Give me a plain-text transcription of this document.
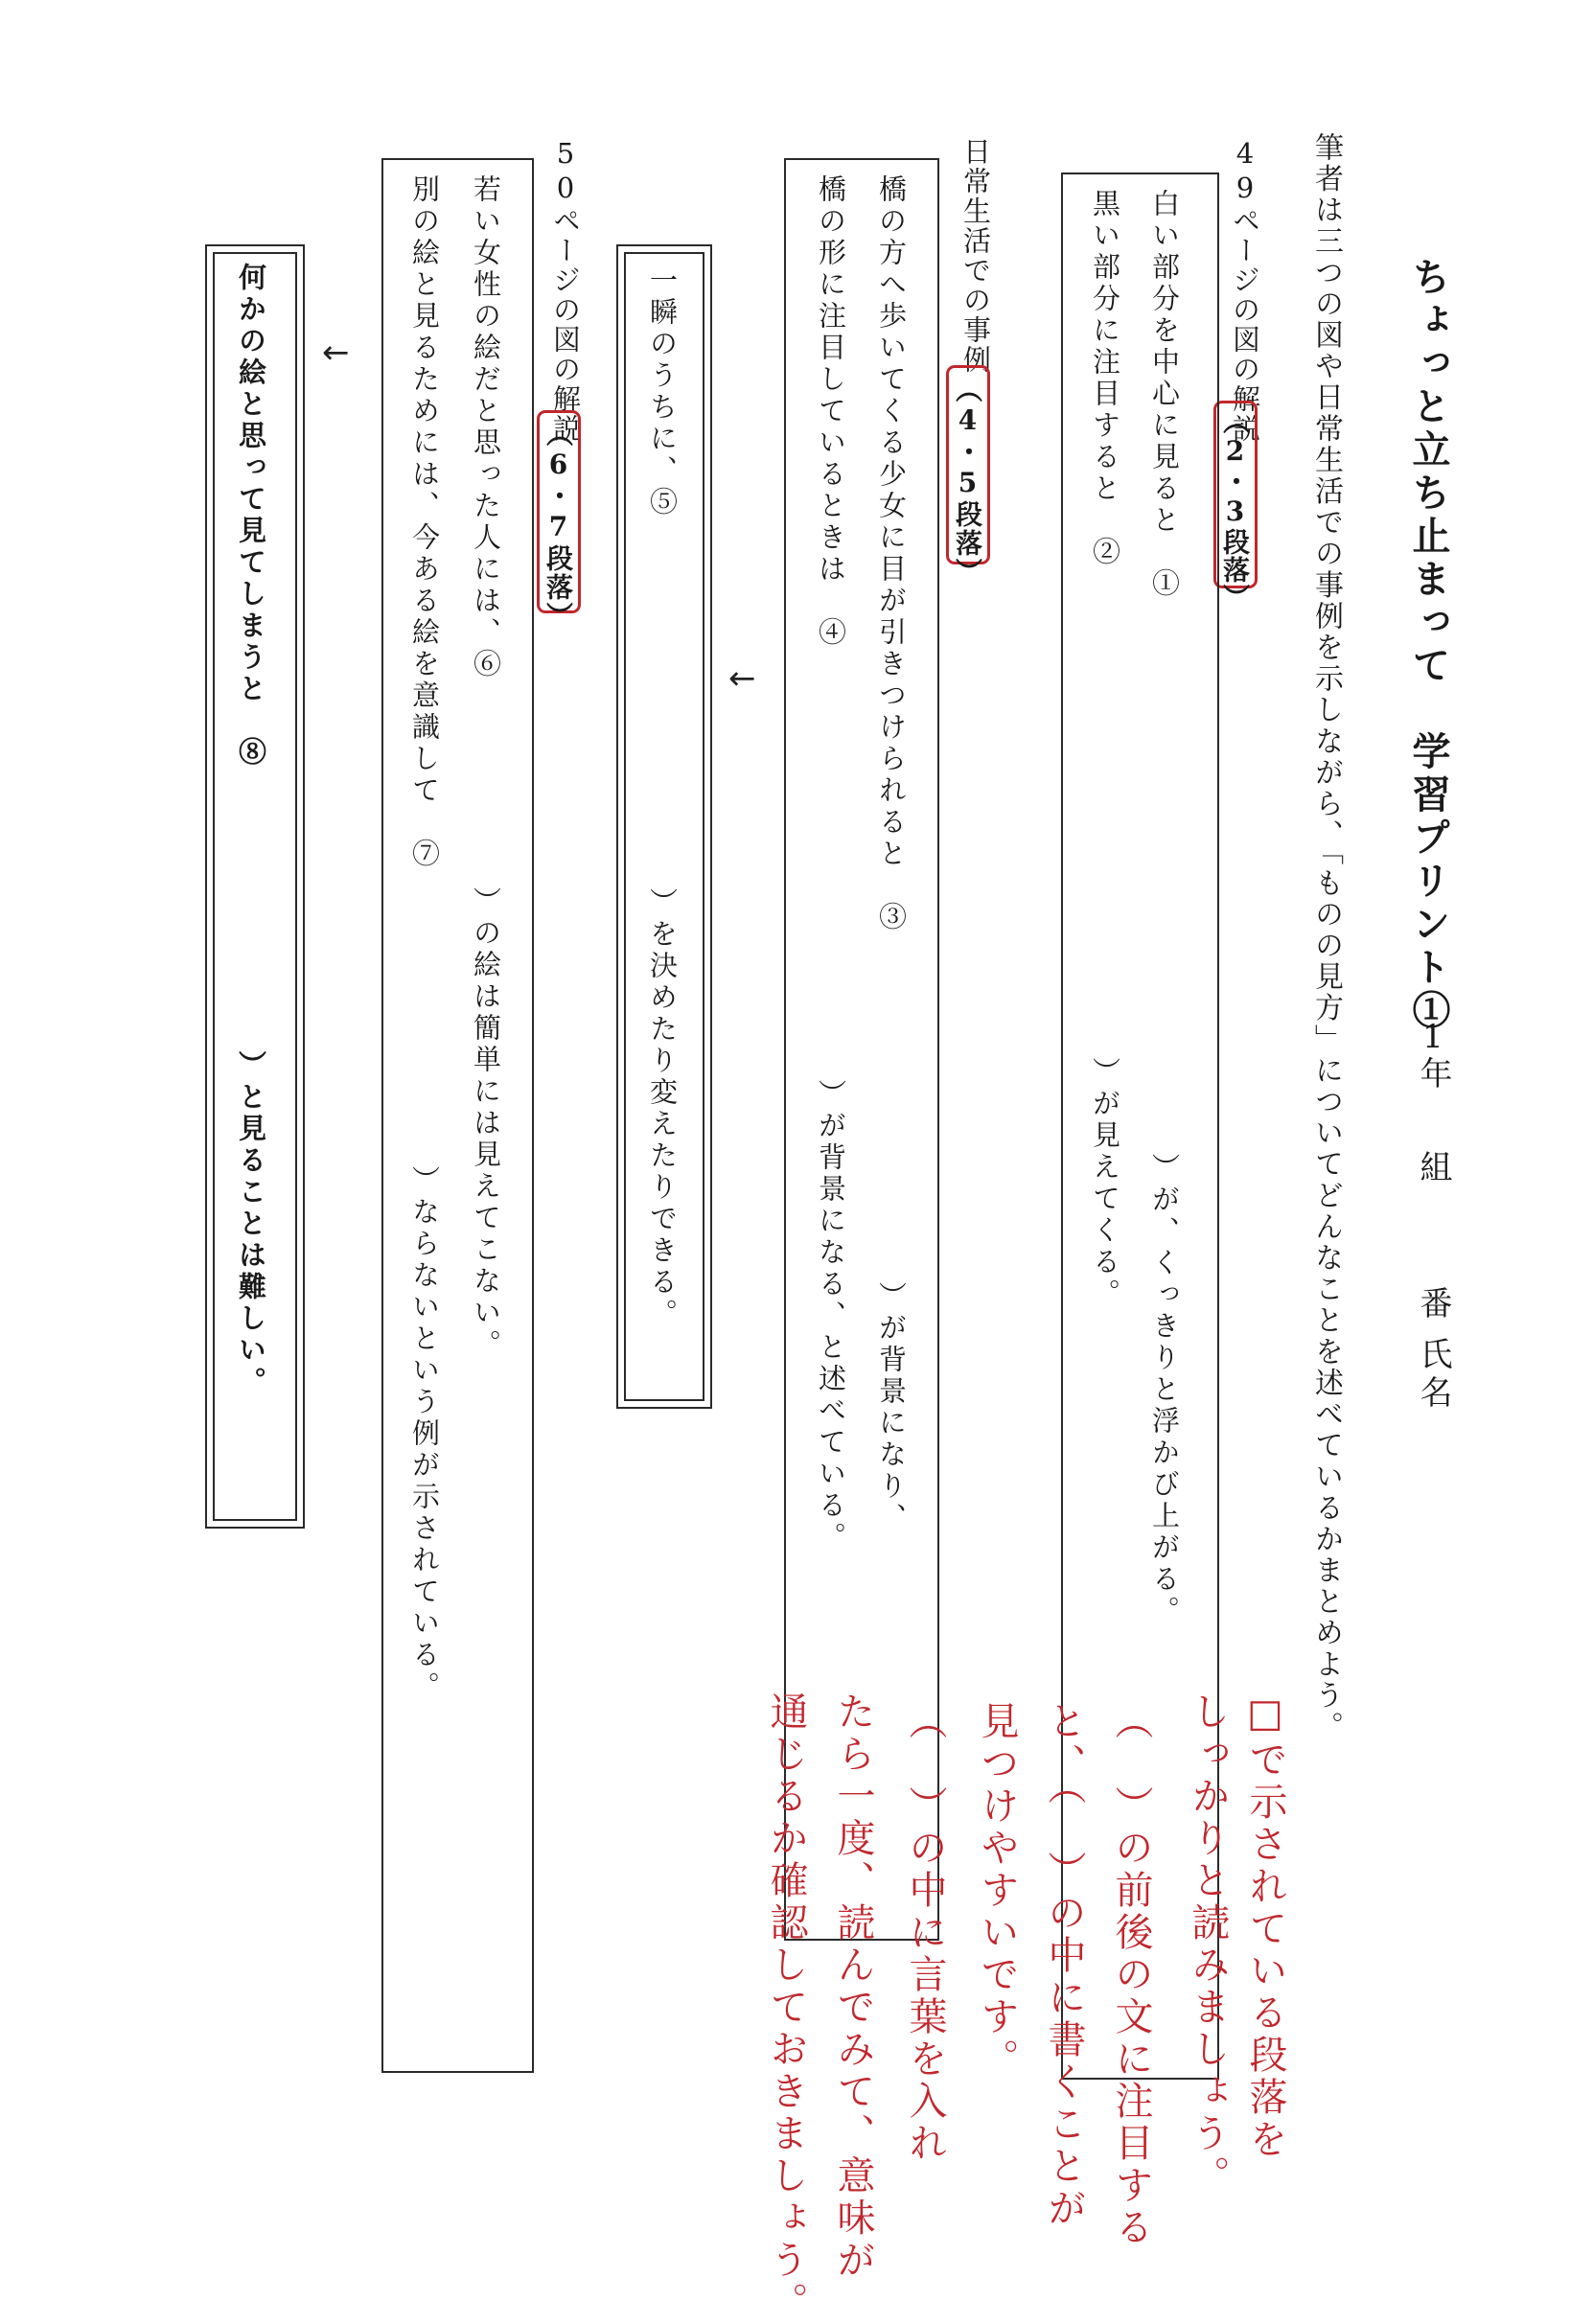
ちょっと立ち止まって　学習プリント①
1年
組
番
氏名
筆者は三つの図や日常生活での事例を示しながら、「ものの見方」についてどんなことを述べているかまとめよう。
49ページの図の解説
（2・3段落）
白い部分を中心に見ると　①
）が、くっきりと浮かび上がる。
黒い部分に注目すると　②
）が見えてくる。
日常生活での事例
（4・5段落）
橋の方へ歩いてくる少女に目が引きつけられると　③
）が背景になり、
橋の形に注目しているときは　④
）が背景になる、と述べている。
←
一瞬のうちに、⑤
）を決めたり変えたりできる。
50ページの図の解説
（6・7段落）
若い女性の絵だと思った人には、⑥
）の絵は簡単には見えてこない。
別の絵と見るためには、今ある絵を意識して　⑦
）ならないという例が示されている。
←
何かの絵と思って見てしまうと　⑧
）と見ることは難しい。
□で示されている段落を
しっかりと読みましょう。
（　）の前後の文に注目する
と、（　）の中に書くことが
見つけやすいです。
（　）の中に言葉を入れ
たら一度、読んでみて、意味が
通じるか確認しておきましょう。
